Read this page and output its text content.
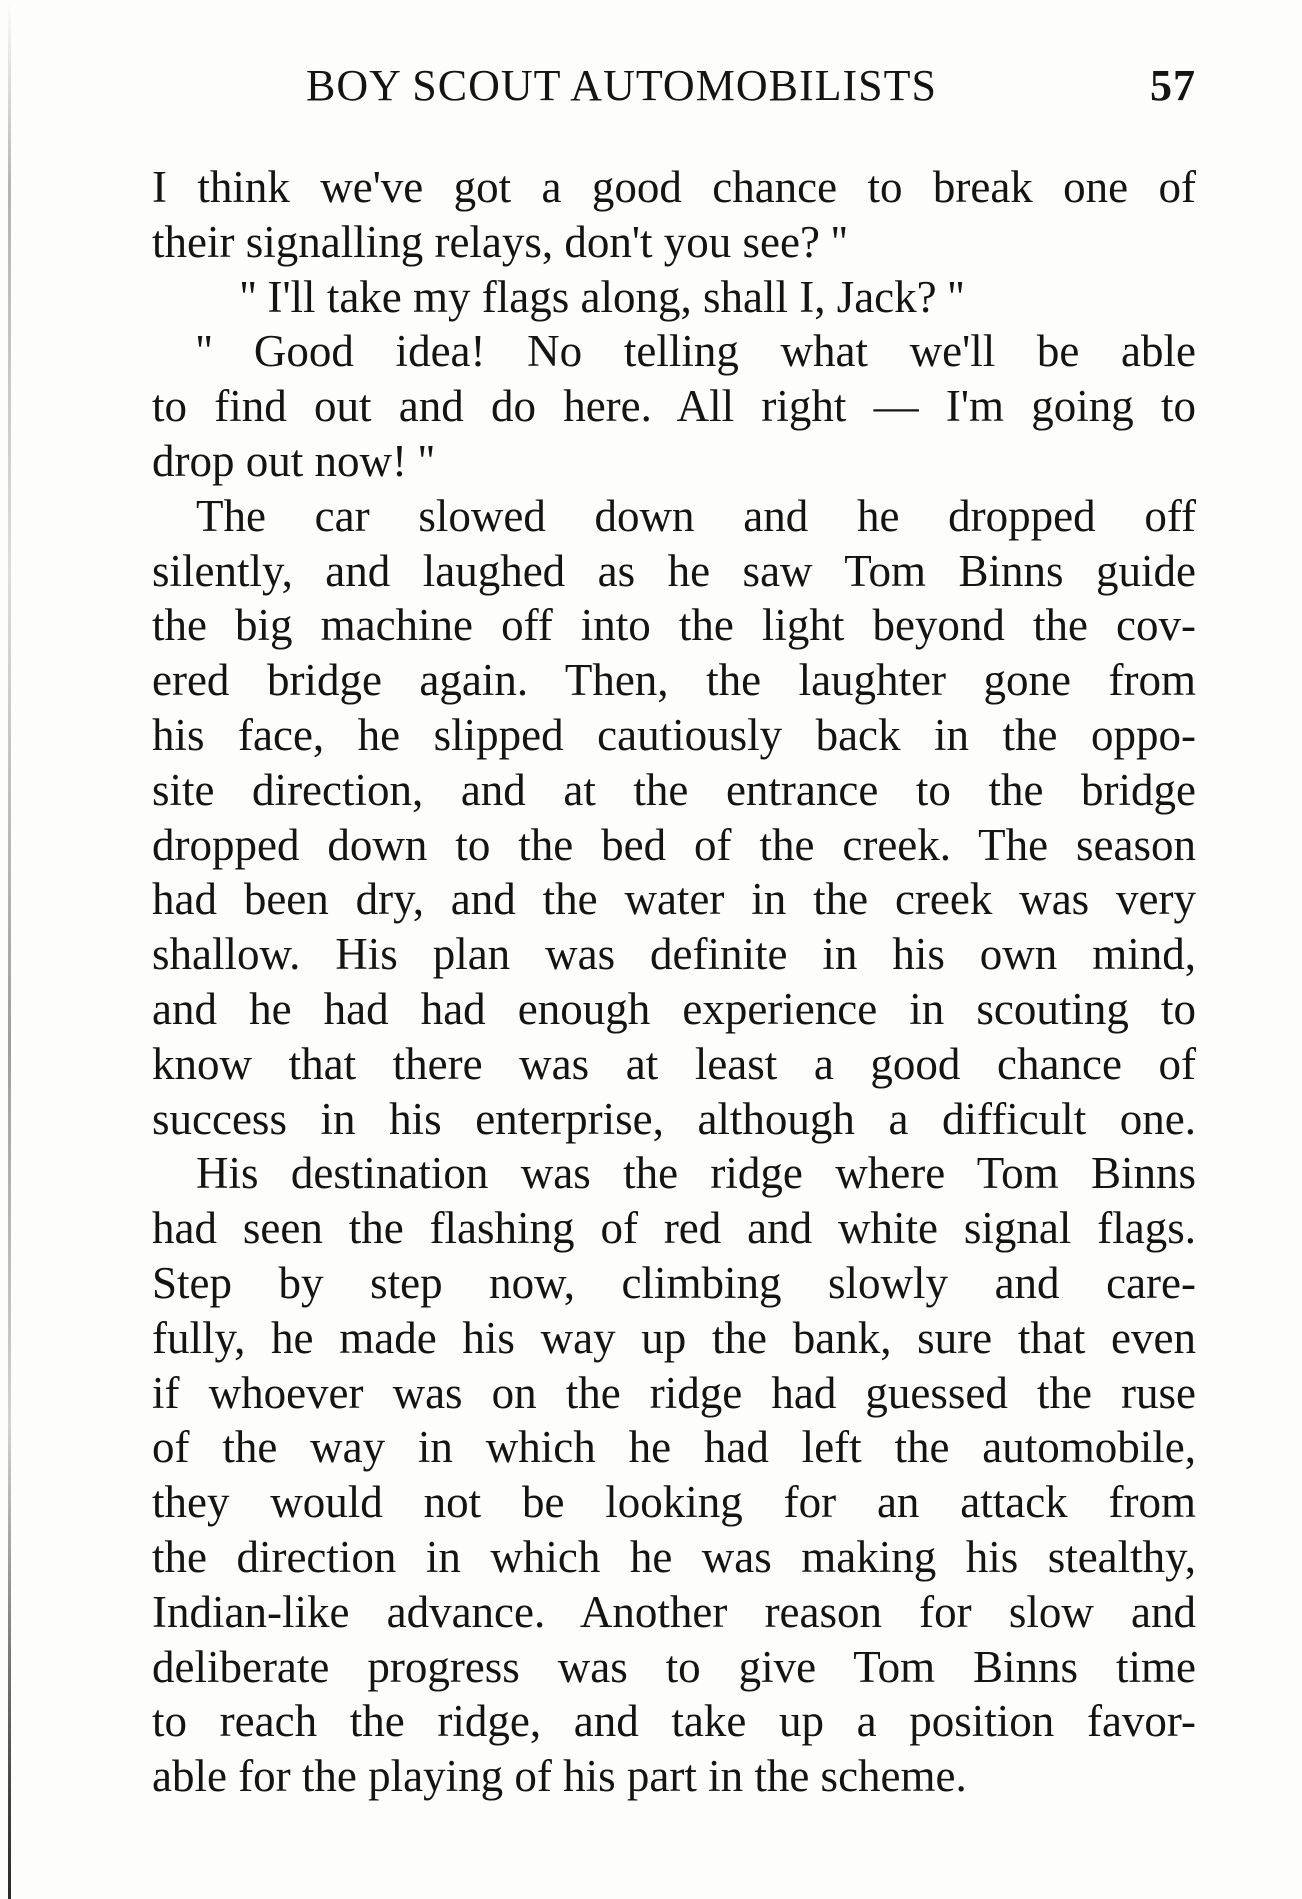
BOY SCOUT AUTOMOBILISTS	57

I think we've got a good chance to break one of
their signalling relays, don't you see? ''

'' I'll take my flags along, shall I, Jack? ''

'' Good idea! No telling what we'll be able
to find out and do here. All right — I'm going to
drop out now! ''

The car slowed down and he dropped off
silently, and laughed as he saw Tom Binns guide
the big machine off into the light beyond the cov-
ered bridge again. Then, the laughter gone from
his face, he slipped cautiously back in the oppo-
site direction, and at the entrance to the bridge
dropped down to the bed of the creek. The season
had been dry, and the water in the creek was very
shallow. His plan was definite in his own mind,
and he had had enough experience in scouting to
know that there was at least a good chance of
success in his enterprise, although a difficult one.

His destination was the ridge where Tom Binns
had seen the flashing of red and white signal flags.
Step by step now, climbing slowly and care-
fully, he made his way up the bank, sure that even
if whoever was on the ridge had guessed the ruse
of the way in which he had left the automobile,
they would not be looking for an attack from
the direction in which he was making his stealthy,
Indian-like advance. Another reason for slow and
deliberate progress was to give Tom Binns time
to reach the ridge, and take up a position favor-
able for the playing of his part in the scheme.
